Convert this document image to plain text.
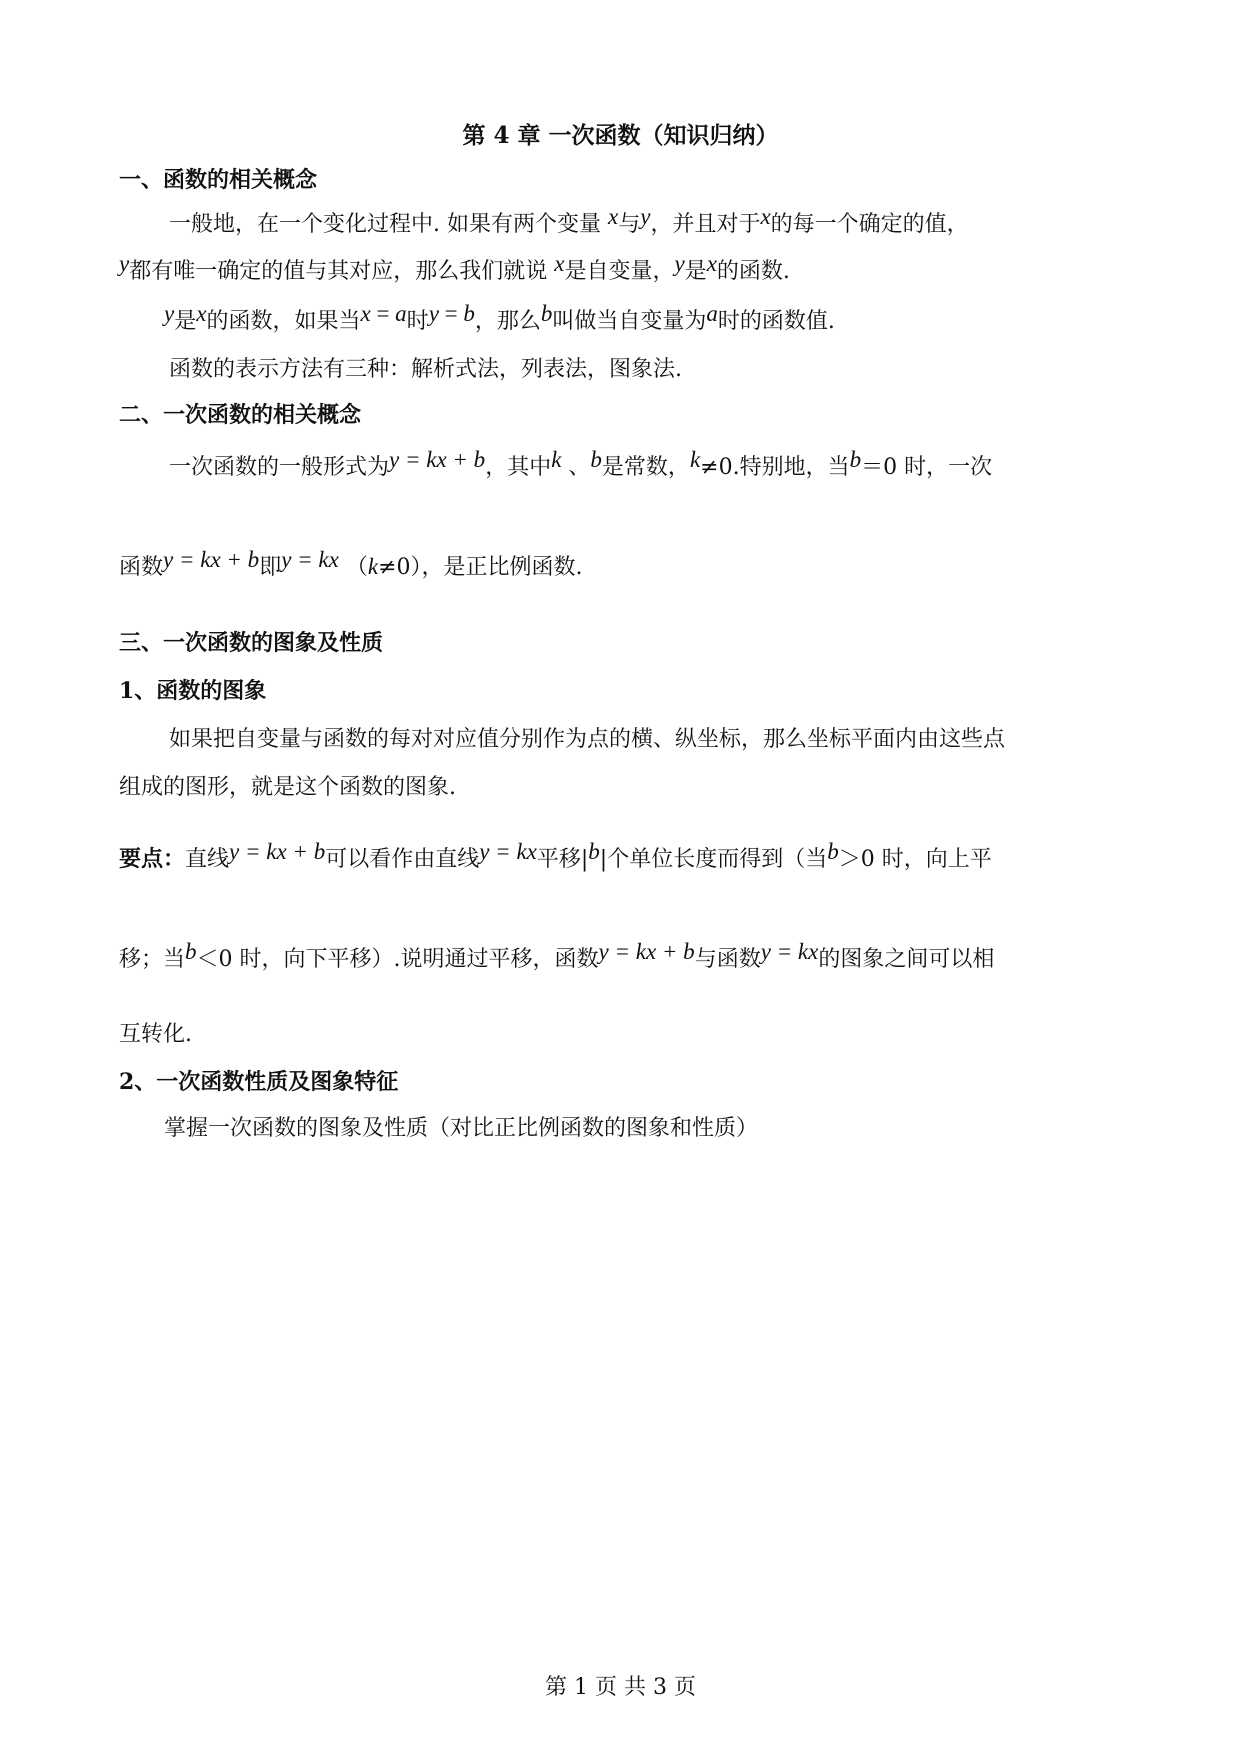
第 4 章 一次函数（知识归纳）
一、函数的相关概念
一般地，在一个变化过程中. 如果有两个变量 x与y，并且对于x的每一个确定的值，
y都有唯一确定的值与其对应，那么我们就说 x是自变量，y是x的函数.
y是x的函数，如果当x = a时y = b，那么b叫做当自变量为a时的函数值.
函数的表示方法有三种：解析式法，列表法，图象法.
二、一次函数的相关概念
一次函数的一般形式为y = kx + b，其中k 、b是常数，k≠0.特别地，当b＝0 时，一次
函数y = kx + b即y = kx （k≠0），是正比例函数.
三、一次函数的图象及性质
1、函数的图象
如果把自变量与函数的每对对应值分别作为点的横、纵坐标，那么坐标平面内由这些点
组成的图形，就是这个函数的图象.
要点：直线y = kx + b可以看作由直线y = kx平移|b|个单位长度而得到（当b＞0 时，向上平
移；当b＜0 时，向下平移）.说明通过平移，函数y = kx + b与函数y = kx的图象之间可以相
互转化.
2、一次函数性质及图象特征
掌握一次函数的图象及性质（对比正比例函数的图象和性质）
第 1 页 共 3 页
